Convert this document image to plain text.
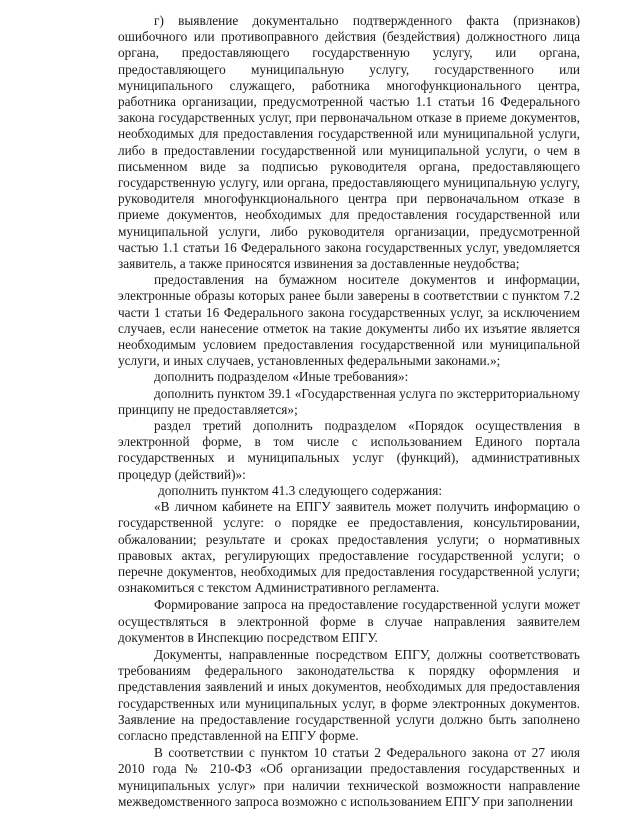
г) выявление документально подтвержденного факта (признаков) ошибочного или противоправного действия (бездействия) должностного лица органа, предоставляющего государственную услугу, или органа, предоставляющего муниципальную услугу, государственного или муниципального служащего, работника многофункционального центра, работника организации, предусмотренной частью 1.1 статьи 16 Федерального закона государственных услуг, при первоначальном отказе в приеме документов, необходимых для предоставления государственной или муниципальной услуги, либо в предоставлении государственной или муниципальной услуги, о чем в письменном виде за подписью руководителя органа, предоставляющего государственную услугу, или органа, предоставляющего муниципальную услугу, руководителя многофункционального центра при первоначальном отказе в приеме документов, необходимых для предоставления государственной или муниципальной услуги, либо руководителя организации, предусмотренной частью 1.1 статьи 16 Федерального закона государственных услуг, уведомляется заявитель, а также приносятся извинения за доставленные неудобства;

предоставления на бумажном носителе документов и информации, электронные образы которых ранее были заверены в соответствии с пунктом 7.2 части 1 статьи 16 Федерального закона государственных услуг, за исключением случаев, если нанесение отметок на такие документы либо их изъятие является необходимым условием предоставления государственной или муниципальной услуги, и иных случаев, установленных федеральными законами.»;

дополнить подразделом «Иные требования»:

дополнить пунктом 39.1 «Государственная услуга по экстерриториальному принципу не предоставляется»;

раздел третий дополнить подразделом «Порядок осуществления в электронной форме, в том числе с использованием Единого портала государственных и муниципальных услуг (функций), административных процедур (действий)»:

дополнить пунктом 41.3 следующего содержания:

«В личном кабинете на ЕПГУ заявитель может получить информацию о государственной услуге: о порядке ее предоставления, консультировании, обжаловании; результате и сроках предоставления услуги; о нормативных правовых актах, регулирующих предоставление государственной услуги; о перечне документов, необходимых для предоставления государственной услуги; ознакомиться с текстом Административного регламента.

Формирование запроса на предоставление государственной услуги может осуществляться в электронной форме в случае направления заявителем документов в Инспекцию посредством ЕПГУ.

Документы, направленные посредством ЕПГУ, должны соответствовать требованиям федерального законодательства к порядку оформления и представления заявлений и иных документов, необходимых для предоставления государственных или муниципальных услуг, в форме электронных документов. Заявление на предоставление государственной услуги должно быть заполнено согласно представленной на ЕПГУ форме.

В соответствии с пунктом 10 статьи 2 Федерального закона от 27 июля 2010 года № 210-ФЗ «Об организации предоставления государственных и муниципальных услуг» при наличии технической возможности направление межведомственного запроса возможно с использованием ЕПГУ при заполнении
